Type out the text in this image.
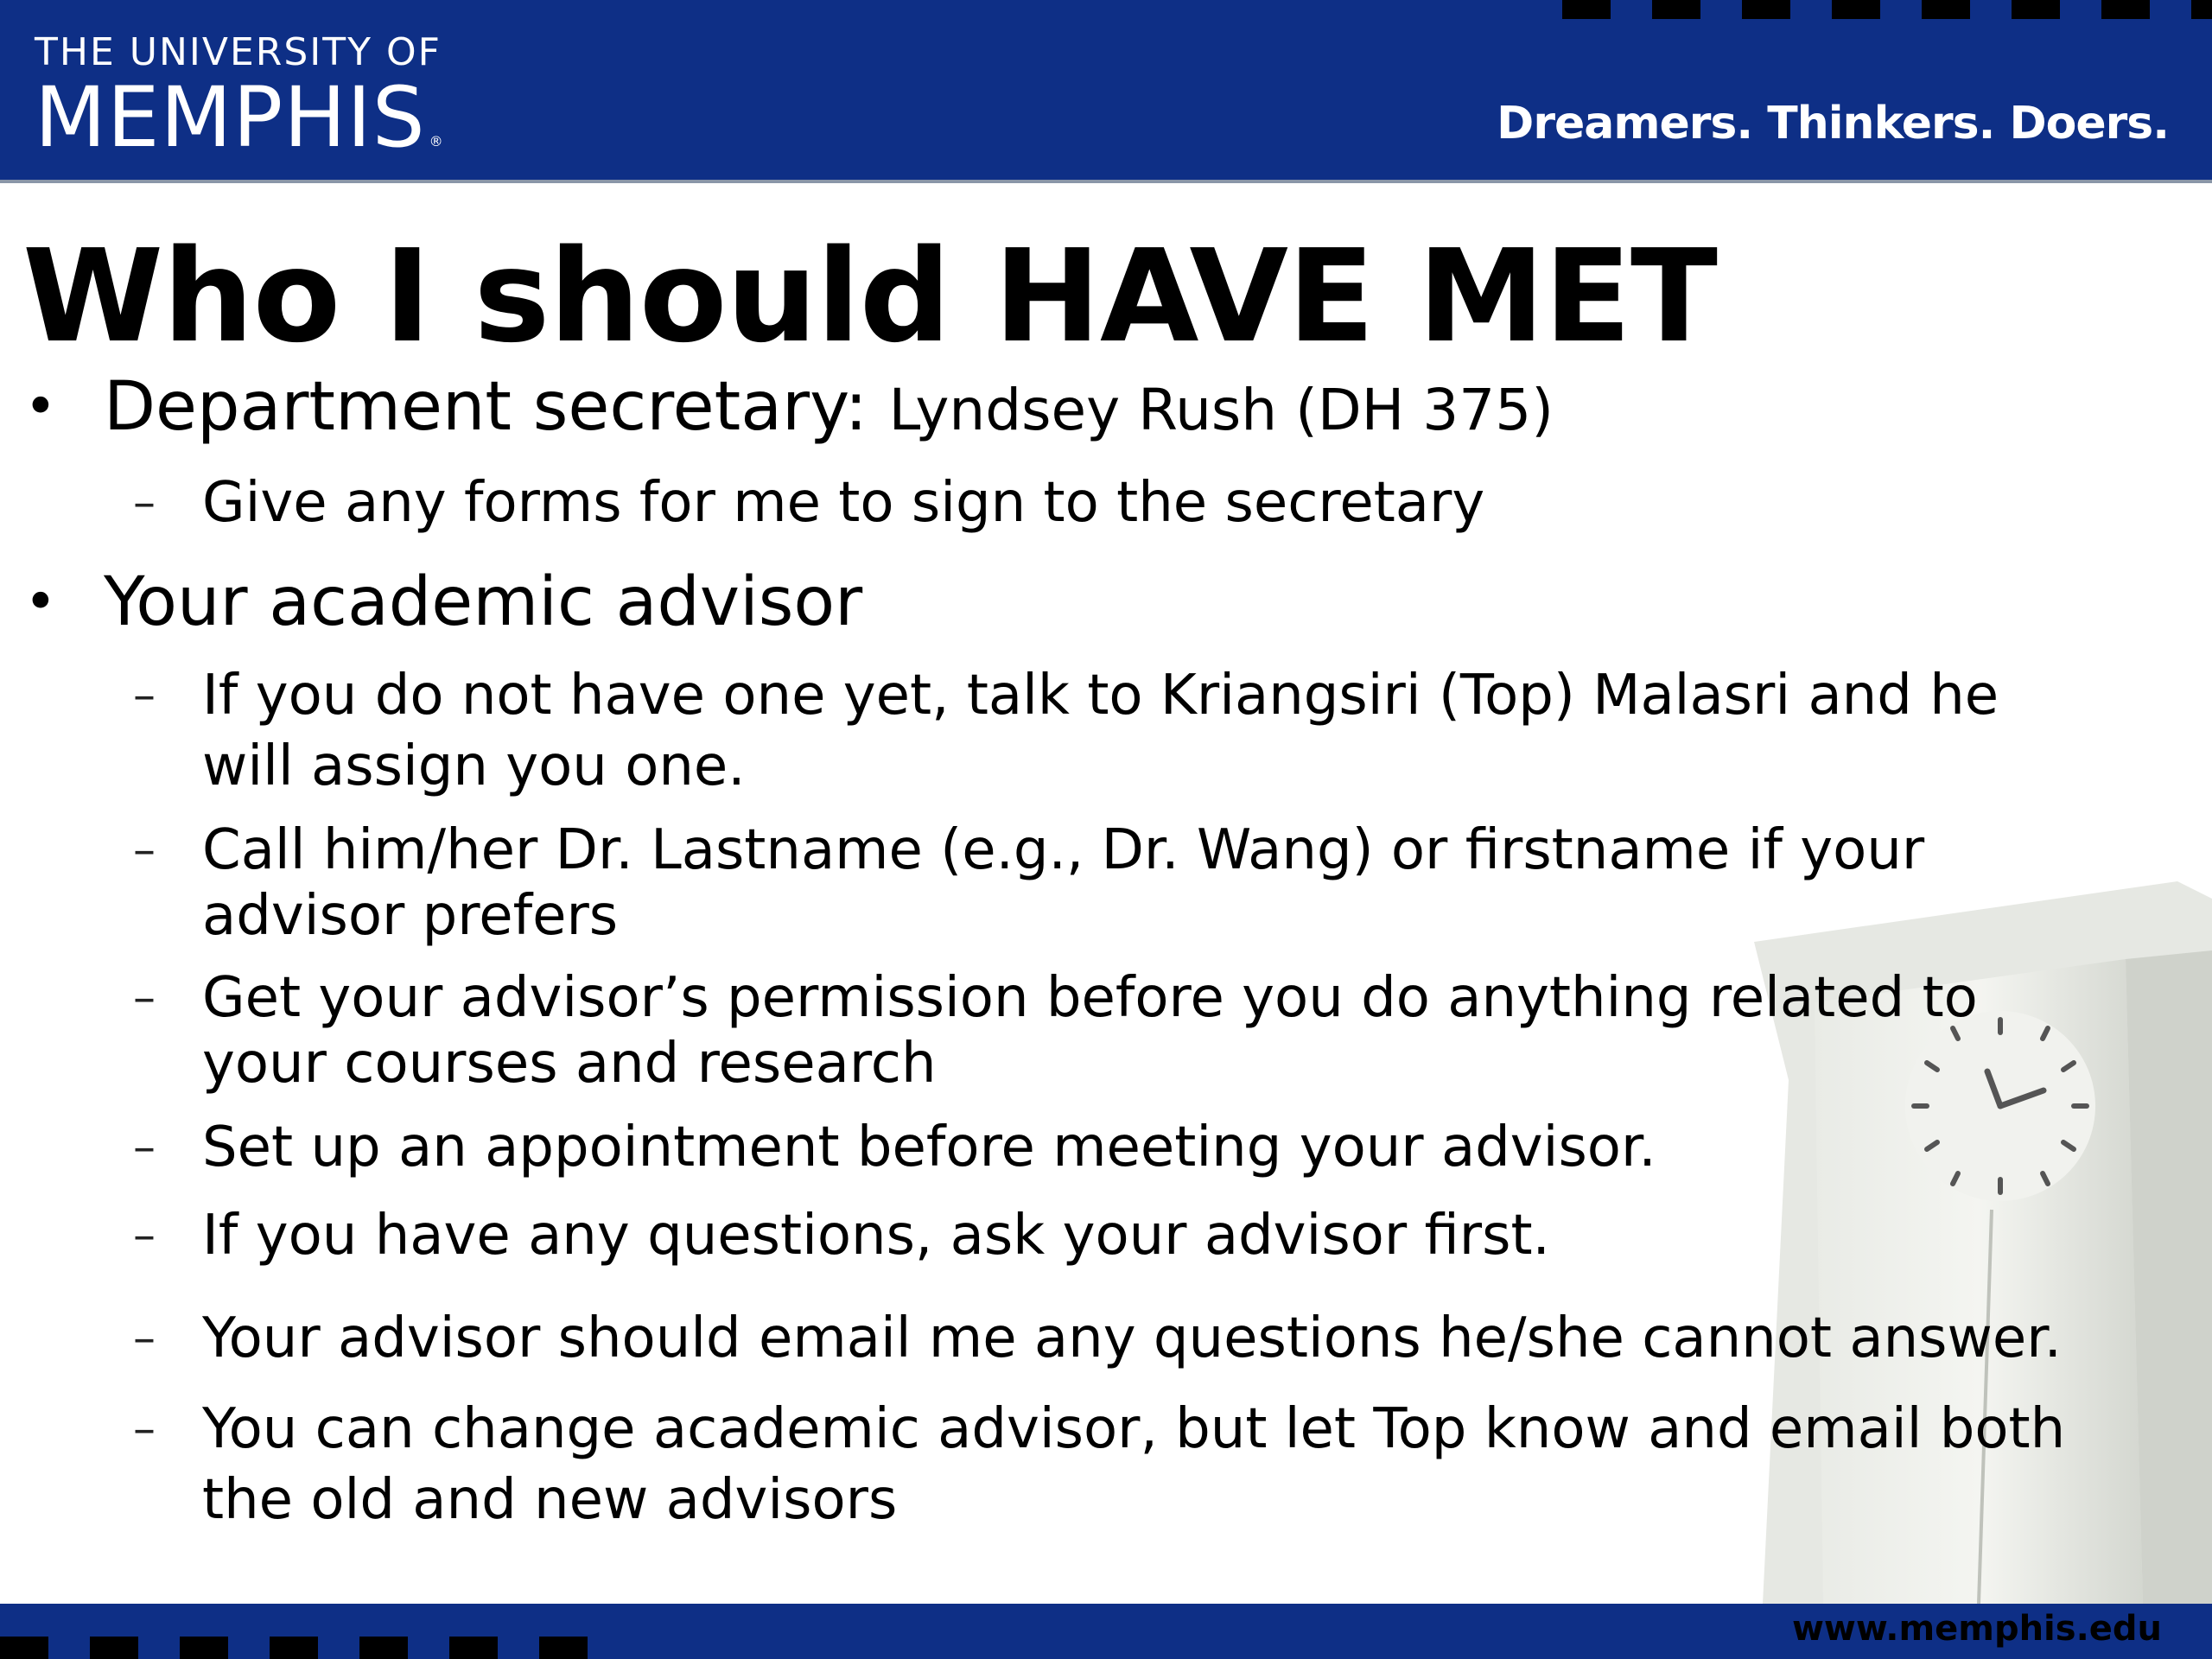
THE UNIVERSITY OF
MEMPHIS ®	Dreamers. Thinkers. Doers.
Who I should HAVE MET

• Department secretary: Lyndsey Rush (DH 375)

– Give any forms for me to sign to the secretary

• Your academic advisor

– If you do not have one yet, talk to Kriangsiri (Top) Malasri and he will assign you one.

– Call him/her Dr. Lastname (e.g., Dr. Wang) or firstname if your advisor prefers

– Get your advisor’s permission before you do anything related to your courses and research

– Set up an appointment before meeting your advisor.

– If you have any questions, ask your advisor first.

– Your advisor should email me any questions he/she cannot answer.

– You can change academic advisor, but let Top know and email both the old and new advisors

www.memphis.edu
